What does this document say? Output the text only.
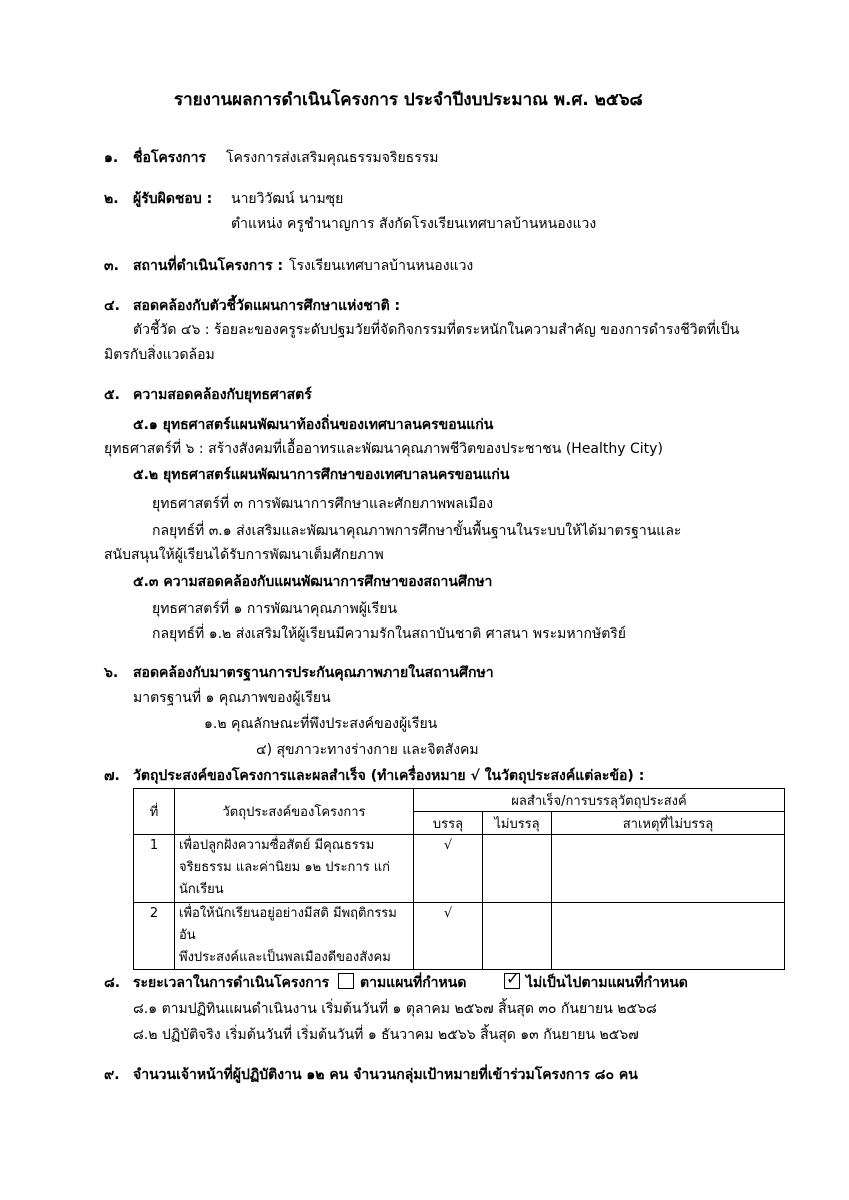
รายงานผลการดำเนินโครงการ ประจำปีงบประมาณ พ.ศ. ๒๕๖๘
๑. ชื่อโครงการ โครงการส่งเสริมคุณธรรมจริยธรรม
๒. ผู้รับผิดชอบ : นายวิวัฒน์ นามซุย
ตำแหน่ง ครูชำนาญการ สังกัดโรงเรียนเทศบาลบ้านหนองแวง
๓. สถานที่ดำเนินโครงการ : โรงเรียนเทศบาลบ้านหนองแวง
๔. สอดคล้องกับตัวชี้วัดแผนการศึกษาแห่งชาติ :
ตัวชี้วัด ๔๖ : ร้อยละของครูระดับปฐมวัยที่จัดกิจกรรมที่ตระหนักในความสำคัญ ของการดำรงชีวิตที่เป็น
มิตรกับสิ่งแวดล้อม
๕. ความสอดคล้องกับยุทธศาสตร์
๕.๑ ยุทธศาสตร์แผนพัฒนาท้องถิ่นของเทศบาลนครขอนแก่น
ยุทธศาสตร์ที่ ๖ : สร้างสังคมที่เอื้ออาทรและพัฒนาคุณภาพชีวิตของประชาชน (Healthy City)
๕.๒ ยุทธศาสตร์แผนพัฒนาการศึกษาของเทศบาลนครขอนแก่น
ยุทธศาสตร์ที่ ๓ การพัฒนาการศึกษาและศักยภาพพลเมือง
กลยุทธ์ที่ ๓.๑ ส่งเสริมและพัฒนาคุณภาพการศึกษาขั้นพื้นฐานในระบบให้ได้มาตรฐานและ
สนับสนุนให้ผู้เรียนได้รับการพัฒนาเต็มศักยภาพ
๕.๓ ความสอดคล้องกับแผนพัฒนาการศึกษาของสถานศึกษา
ยุทธศาสตร์ที่ ๑ การพัฒนาคุณภาพผู้เรียน
กลยุทธ์ที่ ๑.๒ ส่งเสริมให้ผู้เรียนมีความรักในสถาบันชาติ ศาสนา พระมหากษัตริย์
๖. สอดคล้องกับมาตรฐานการประกันคุณภาพภายในสถานศึกษา
มาตรฐานที่ ๑ คุณภาพของผู้เรียน
๑.๒ คุณลักษณะที่พึงประสงค์ของผู้เรียน
๔) สุขภาวะทางร่างกาย และจิตสังคม
๗. วัตถุประสงค์ของโครงการและผลสำเร็จ (ทำเครื่องหมาย √ ในวัตถุประสงค์แต่ละข้อ) :
ที่	วัตถุประสงค์ของโครงการ	ผลสำเร็จ/การบรรลุวัตถุประสงค์		
		บรรลุ	ไม่บรรลุ	สาเหตุที่ไม่บรรลุ
1	เพื่อปลูกฝังความซื่อสัตย์ มีคุณธรรม
จริยธรรม และค่านิยม ๑๒ ประการ แก่
นักเรียน	√		
2	เพื่อให้นักเรียนอยู่อย่างมีสติ มีพฤติกรรมอัน
พึงประสงค์และเป็นพลเมืองดีของสังคม	√		
๘. ระยะเวลาในการดำเนินโครงการ ตามแผนที่กำหนด ✓	ไม่เป็นไปตามแผนที่กำหนด
๘.๑ ตามปฏิทินแผนดำเนินงาน เริ่มต้นวันที่ ๑ ตุลาคม ๒๕๖๗ สิ้นสุด ๓๐ กันยายน ๒๕๖๘
๘.๒ ปฏิบัติจริง เริ่มต้นวันที่ เริ่มต้นวันที่ ๑ ธันวาคม ๒๕๖๖ สิ้นสุด ๑๓ กันยายน ๒๕๖๗
๙. จำนวนเจ้าหน้าที่ผู้ปฏิบัติงาน ๑๒ คน จำนวนกลุ่มเป้าหมายที่เข้าร่วมโครงการ ๘๐ คน
